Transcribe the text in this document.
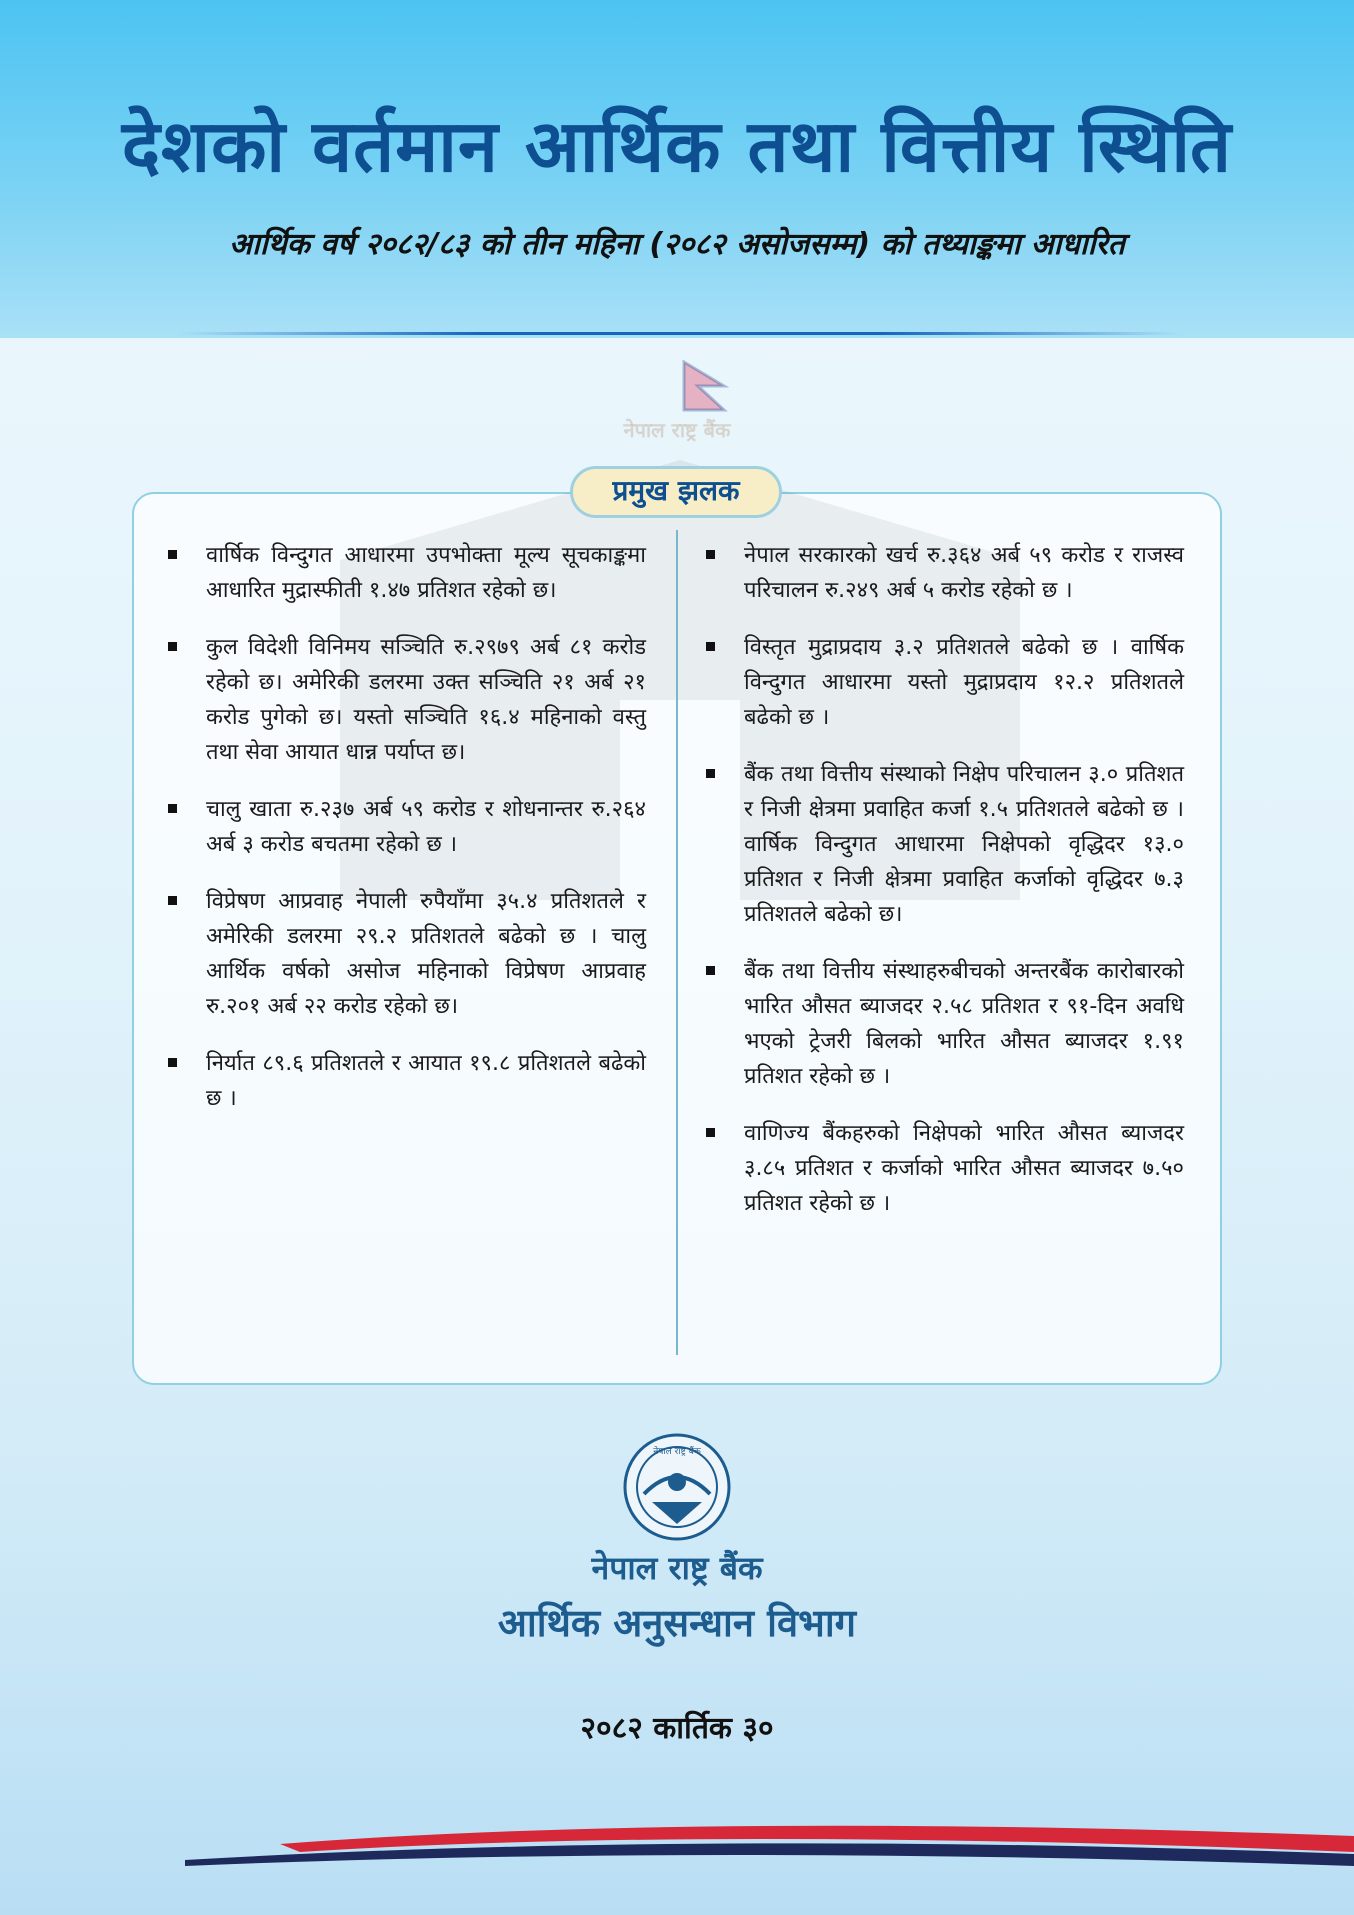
देशको वर्तमान आर्थिक तथा वित्तीय स्थिति
आर्थिक वर्ष २०८२/८३ को तीन महिना (२०८२ असोजसम्म) को तथ्याङ्कमा आधारित
नेपाल राष्ट्र बैंक
प्रमुख झलक
वार्षिक विन्दुगत आधारमा उपभोक्ता मूल्य सूचकाङ्कमा आधारित मुद्रास्फीती १.४७ प्रतिशत रहेको छ।
कुल विदेशी विनिमय सञ्चिति रु.२९७९ अर्ब ८१ करोड रहेको छ। अमेरिकी डलरमा उक्त सञ्चिति २१ अर्ब २१ करोड पुगेको छ। यस्तो सञ्चिति १६.४ महिनाको वस्तु तथा सेवा आयात धान्न पर्याप्त छ।
चालु खाता रु.२३७ अर्ब ५९ करोड र शोधनान्तर रु.२६४ अर्ब ३ करोड बचतमा रहेको छ ।
विप्रेषण आप्रवाह नेपाली रुपैयाँमा ३५.४ प्रतिशतले र अमेरिकी डलरमा २९.२ प्रतिशतले बढेको छ । चालु आर्थिक वर्षको असोज महिनाको विप्रेषण आप्रवाह रु.२०१ अर्ब २२ करोड रहेको छ।
निर्यात ८९.६ प्रतिशतले र आयात १९.८ प्रतिशतले बढेको छ ।
नेपाल सरकारको खर्च रु.३६४ अर्ब ५९ करोड र राजस्व परिचालन रु.२४९ अर्ब ५ करोड रहेको छ ।
विस्तृत मुद्राप्रदाय ३.२ प्रतिशतले बढेको छ । वार्षिक विन्दुगत आधारमा यस्तो मुद्राप्रदाय १२.२ प्रतिशतले बढेको छ ।
बैंक तथा वित्तीय संस्थाको निक्षेप परिचालन ३.० प्रतिशत र निजी क्षेत्रमा प्रवाहित कर्जा १.५ प्रतिशतले बढेको छ । वार्षिक विन्दुगत आधारमा निक्षेपको वृद्धिदर १३.० प्रतिशत र निजी क्षेत्रमा प्रवाहित कर्जाको वृद्धिदर ७.३ प्रतिशतले बढेको छ।
बैंक तथा वित्तीय संस्थाहरुबीचको अन्तरबैंक कारोबारको भारित औसत ब्याजदर २.५८ प्रतिशत र ९१-दिन अवधि भएको ट्रेजरी बिलको भारित औसत ब्याजदर १.९१ प्रतिशत रहेको छ ।
वाणिज्य बैंकहरुको निक्षेपको भारित औसत ब्याजदर ३.८५ प्रतिशत र कर्जाको भारित औसत ब्याजदर ७.५० प्रतिशत रहेको छ ।
नेपाल राष्ट्र बैंक
नेपाल राष्ट्र बैंक
आर्थिक अनुसन्धान विभाग
२०८२ कार्तिक ३०
